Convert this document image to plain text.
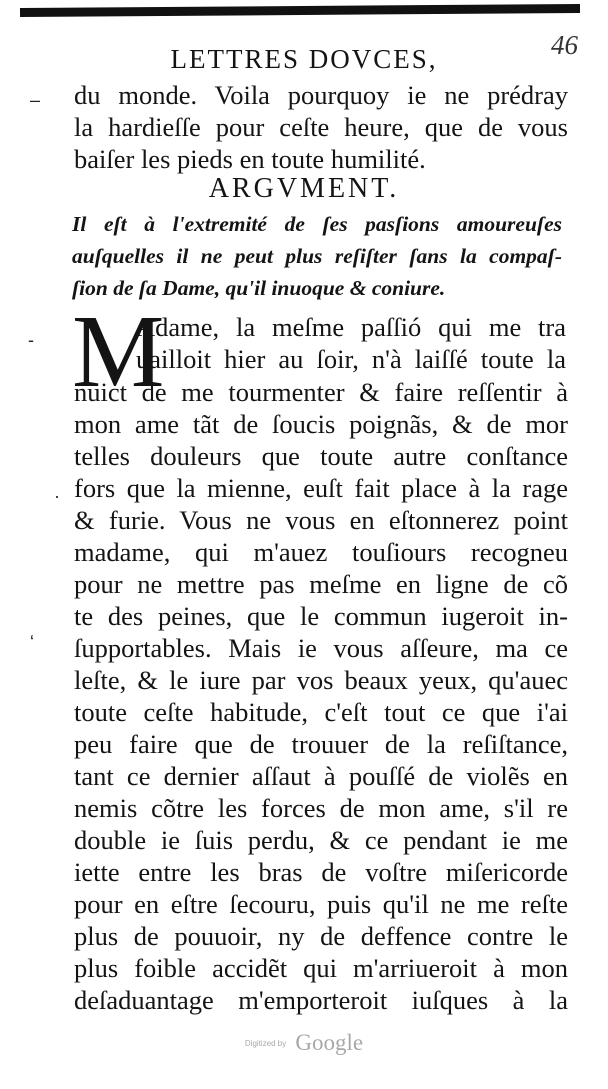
LETTRES DOVCES,	46
du monde. Voila pourquoy ie ne prédray
la hardieſſe pour ceſte heure, que de vous
baiſer les pieds en toute humilité.
ARGVMENT.
Il eſt à l'extremité de ſes pasſions amoureuſes
auſquelles il ne peut plus reſiſter ſans la compaſ-
ſion de ſa Dame, qu'il inuoque & coniure.
M
Adame, la meſme paſſió qui me tra
uailloit hier au ſoir, n'à laiſſé toute la
nuict de me tourmenter & faire reſſentir à
mon ame tãt de ſoucis poignãs, & de mor
telles douleurs que toute autre conſtance
fors que la mienne, euſt fait place à la rage
& furie. Vous ne vous en eſtonnerez point
madame, qui m'auez touſiours recogneu
pour ne mettre pas meſme en ligne de cõ
te des peines, que le commun iugeroit in-
ſupportables. Mais ie vous aſſeure, ma ce
leſte, & le iure par vos beaux yeux, qu'auec
toute ceſte habitude, c'eſt tout ce que i'ai
peu faire que de trouuer de la reſiſtance,
tant ce dernier aſſaut à pouſſé de violẽs en
nemis cõtre les forces de mon ame, s'il re
double ie ſuis perdu, & ce pendant ie me
iette entre les bras de voſtre miſericorde
pour en eſtre ſecouru, puis qu'il ne me reſte
plus de pouuoir, ny de deffence contre le
plus foible accidẽt qui m'arriueroit à mon
deſaduantage m'emporteroit iuſques à la
–
-
·
‘
Digitized by Google
